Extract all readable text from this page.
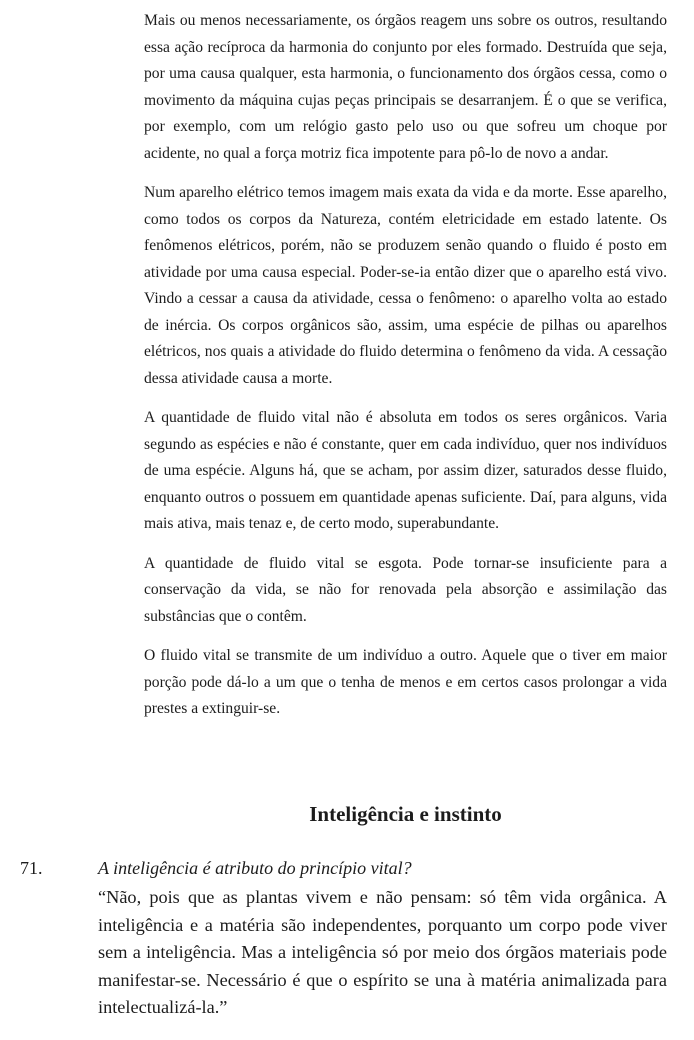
Mais ou menos necessariamente, os órgãos reagem uns sobre os outros, resultando essa ação recíproca da harmonia do conjunto por eles formado. Destruída que seja, por uma causa qualquer, esta harmonia, o funcionamento dos órgãos cessa, como o movimento da máquina cujas peças principais se desarranjem. É o que se verifica, por exemplo, com um relógio gasto pelo uso ou que sofreu um choque por acidente, no qual a força motriz fica impotente para pô-lo de novo a andar.

Num aparelho elétrico temos imagem mais exata da vida e da morte. Esse aparelho, como todos os corpos da Natureza, contém eletricidade em estado latente. Os fenômenos elétricos, porém, não se produzem senão quando o fluido é posto em atividade por uma causa especial. Poder-se-ia então dizer que o aparelho está vivo. Vindo a cessar a causa da atividade, cessa o fenômeno: o aparelho volta ao estado de inércia. Os corpos orgânicos são, assim, uma espécie de pilhas ou aparelhos elétricos, nos quais a atividade do fluido determina o fenômeno da vida. A cessação dessa atividade causa a morte.

A quantidade de fluido vital não é absoluta em todos os seres orgânicos. Varia segundo as espécies e não é constante, quer em cada indivíduo, quer nos indivíduos de uma espécie. Alguns há, que se acham, por assim dizer, saturados desse fluido, enquanto outros o possuem em quantidade apenas suficiente. Daí, para alguns, vida mais ativa, mais tenaz e, de certo modo, superabundante.

A quantidade de fluido vital se esgota. Pode tornar-se insuficiente para a conservação da vida, se não for renovada pela absorção e assimilação das substâncias que o contêm.

O fluido vital se transmite de um indivíduo a outro. Aquele que o tiver em maior porção pode dá-lo a um que o tenha de menos e em certos casos prolongar a vida prestes a extinguir-se.

Inteligência e instinto
71.	A inteligência é atributo do princípio vital?

“Não, pois que as plantas vivem e não pensam: só têm vida orgânica. A inteligência e a matéria são independentes, porquanto um corpo pode viver sem a inteligência. Mas a inteligência só por meio dos órgãos materiais pode manifestar-se. Necessário é que o espírito se una à matéria animalizada para intelectualizá-la.”
